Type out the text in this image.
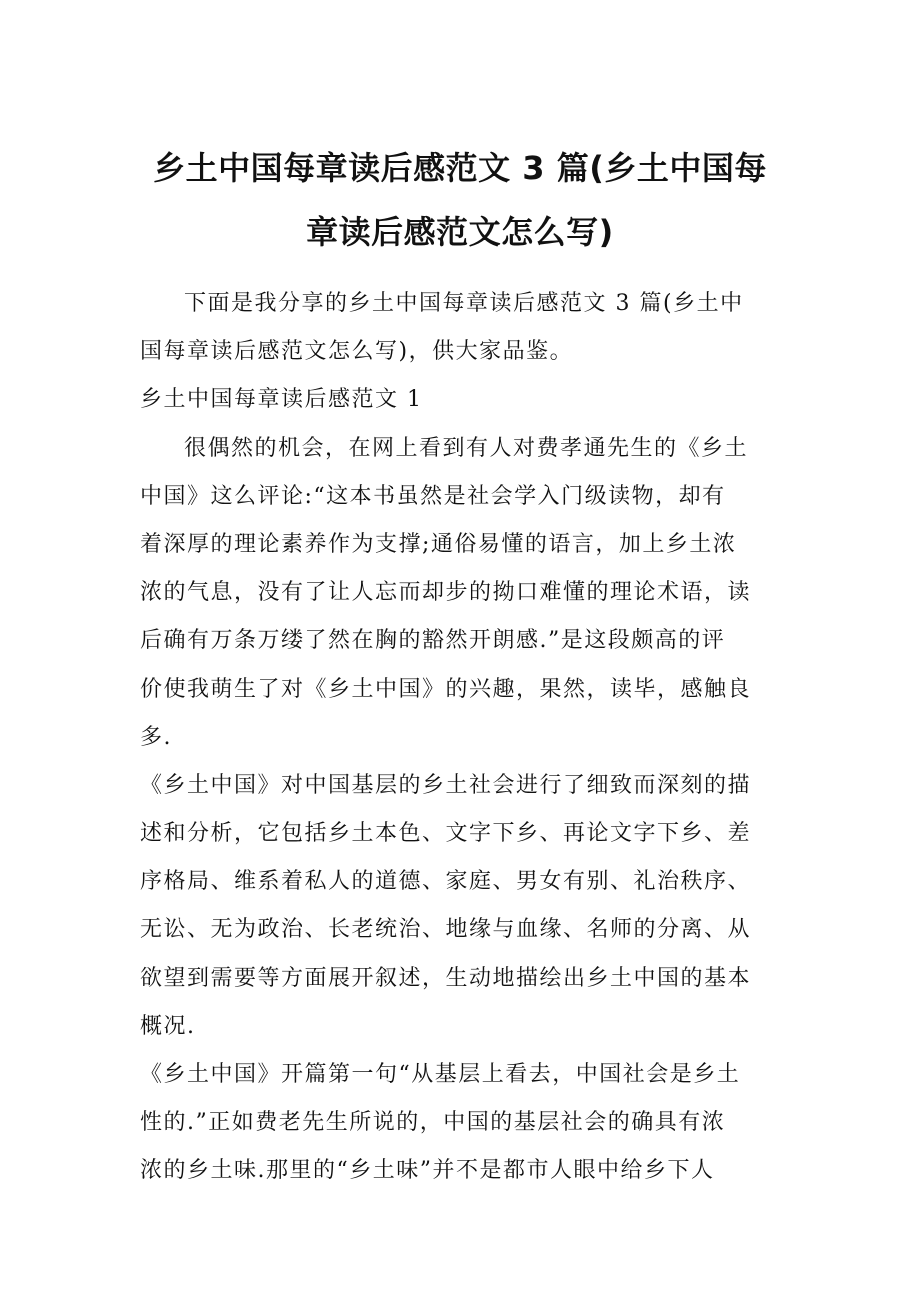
乡土中国每章读后感范文 3 篇(乡土中国每
章读后感范文怎么写)
下面是我分享的乡土中国每章读后感范文 3 篇(乡土中
国每章读后感范文怎么写)，供大家品鉴。
乡土中国每章读后感范文 1
很偶然的机会，在网上看到有人对费孝通先生的《乡土
中国》这么评论:“这本书虽然是社会学入门级读物，却有
着深厚的理论素养作为支撑;通俗易懂的语言，加上乡土浓
浓的气息，没有了让人忘而却步的拗口难懂的理论术语，读
后确有万条万缕了然在胸的豁然开朗感.”是这段颇高的评
价使我萌生了对《乡土中国》的兴趣，果然，读毕，感触良
多.
《乡土中国》对中国基层的乡土社会进行了细致而深刻的描
述和分析，它包括乡土本色、文字下乡、再论文字下乡、差
序格局、维系着私人的道德、家庭、男女有别、礼治秩序、
无讼、无为政治、长老统治、地缘与血缘、名师的分离、从
欲望到需要等方面展开叙述，生动地描绘出乡土中国的基本
概况.
《乡土中国》开篇第一句“从基层上看去，中国社会是乡土
性的.”正如费老先生所说的，中国的基层社会的确具有浓
浓的乡土味.那里的“乡土味”并不是都市人眼中给乡下人
